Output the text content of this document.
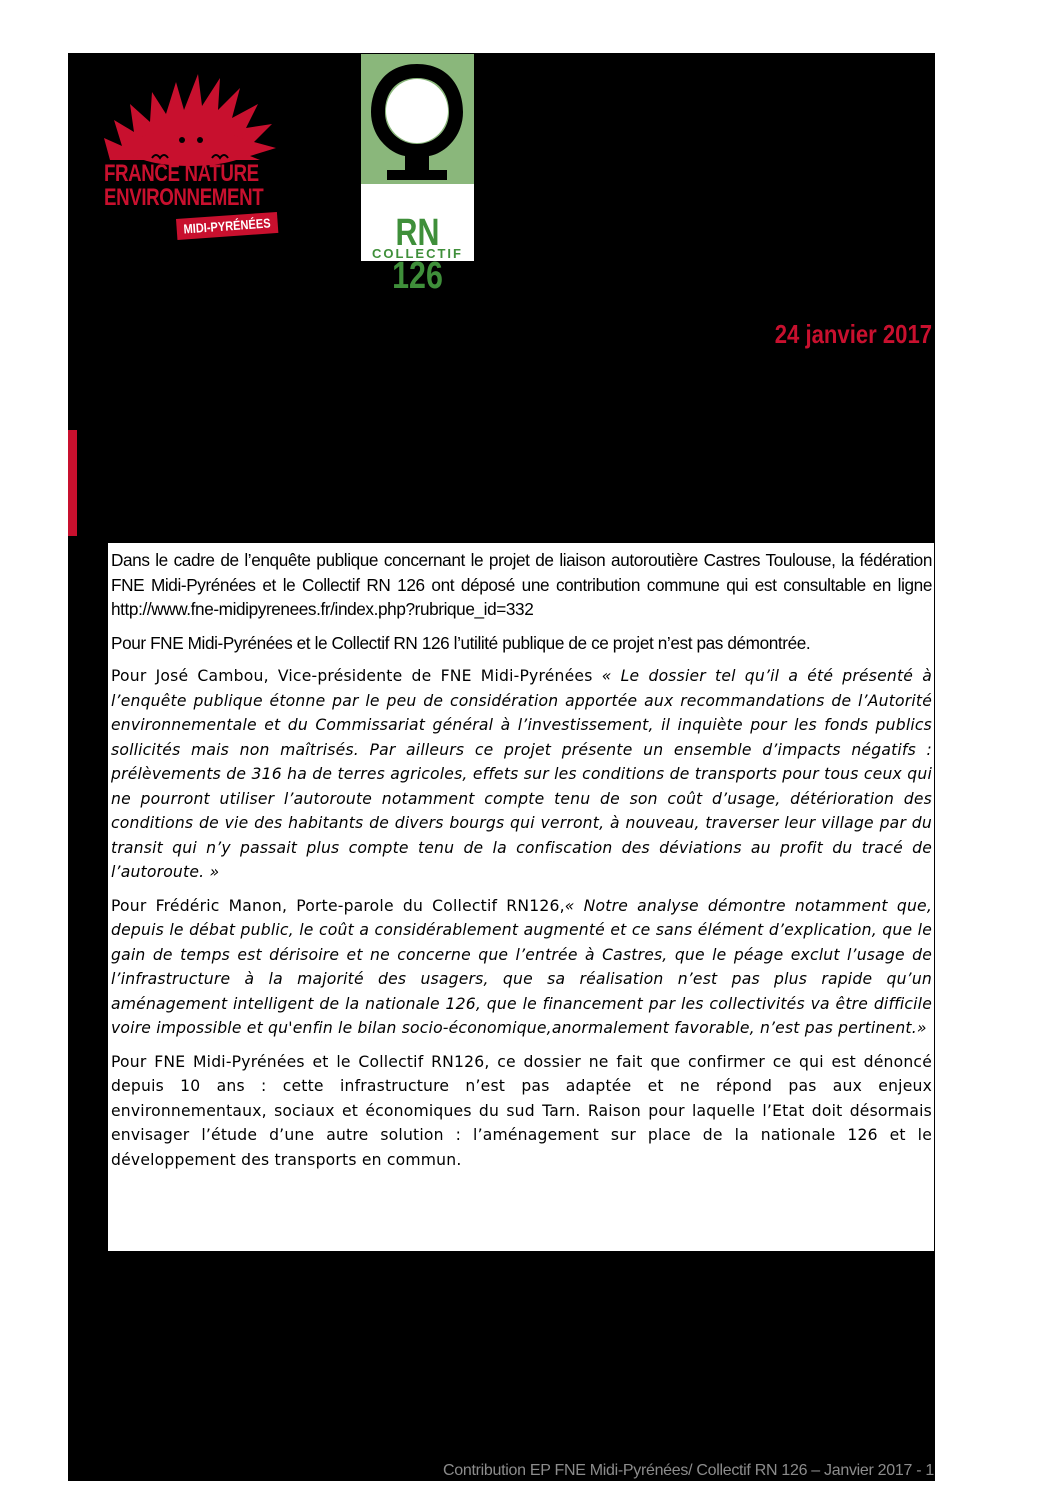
FRANCE NATURE
ENVIRONNEMENT
MIDI-PYRÉNÉES
COLLECTIF
RN 126
24 janvier 2017

Dans le cadre de l’enquête publique concernant le projet de liaison autoroutière Castres Toulouse, la fédération FNE Midi-Pyrénées et le Collectif RN 126 ont déposé une contribution commune qui est consultable en ligne http://www.fne-midipyrenees.fr/index.php?rubrique_id=332

Pour FNE Midi-Pyrénées et le Collectif RN 126 l’utilité publique de ce projet n’est pas démontrée.

Pour José Cambou, Vice-présidente de FNE Midi-Pyrénées « Le dossier tel qu’il a été présenté à l’enquête publique étonne par le peu de considération apportée aux recommandations de l’Autorité environnementale et du Commissariat général à l’investissement, il inquiète pour les fonds publics sollicités mais non maîtrisés. Par ailleurs ce projet présente un ensemble d’impacts négatifs : prélèvements de 316 ha de terres agricoles, effets sur les conditions de transports pour tous ceux qui ne pourront utiliser l’autoroute notamment compte tenu de son coût d’usage, détérioration des conditions de vie des habitants de divers bourgs qui verront, à nouveau, traverser leur village par du transit qui n’y passait plus compte tenu de la confiscation des déviations au profit du tracé de l’autoroute. »

Pour Frédéric Manon, Porte-parole du Collectif RN126,« Notre analyse démontre notamment que, depuis le débat public, le coût a considérablement augmenté et ce sans élément d’explication, que le gain de temps est dérisoire et ne concerne que l’entrée à Castres, que le péage exclut l’usage de l’infrastructure à la majorité des usagers, que sa réalisation n’est pas plus rapide qu’un aménagement intelligent de la nationale 126, que le financement par les collectivités va être difficile voire impossible et qu'enfin le bilan socio-économique,anormalement favorable, n’est pas pertinent.»

Pour FNE Midi-Pyrénées et le Collectif RN126, ce dossier ne fait que confirmer ce qui est dénoncé depuis 10 ans : cette infrastructure n’est pas adaptée et ne répond pas aux enjeux environnementaux, sociaux et économiques du sud Tarn. Raison pour laquelle l’Etat doit désormais envisager l’étude d’une autre solution : l’aménagement sur place de la nationale 126 et le développement des transports en commun.

Contribution EP FNE Midi-Pyrénées/ Collectif RN 126 – Janvier 2017 - 1
